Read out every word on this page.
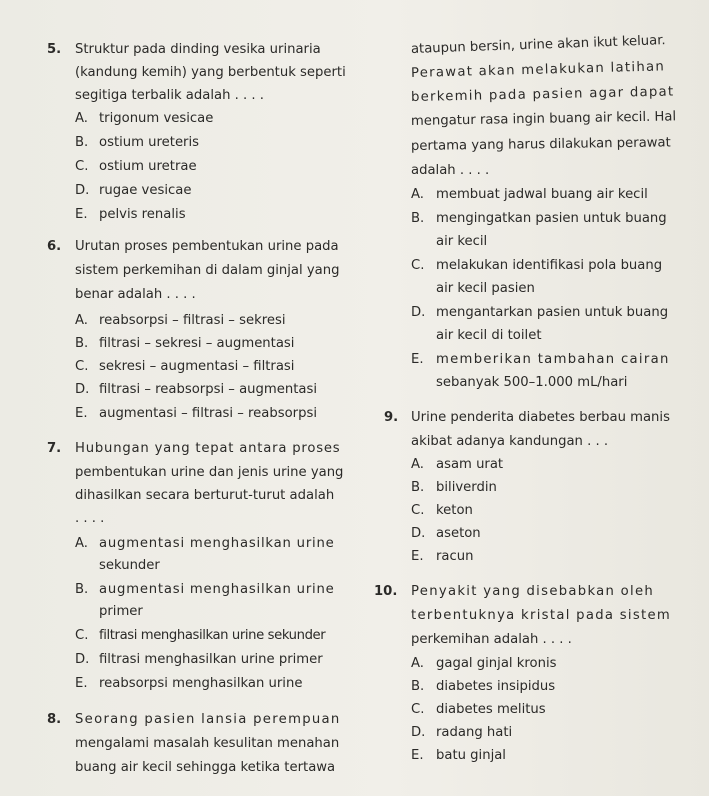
5. Struktur pada dinding vesika urinaria
(kandung kemih) yang berbentuk seperti
segitiga terbalik adalah . . . .
A. trigonum vesicae
B. ostium ureteris
C. ostium uretrae
D. rugae vesicae
E. pelvis renalis
6. Urutan proses pembentukan urine pada
sistem perkemihan di dalam ginjal yang
benar adalah . . . .
A. reabsorpsi – filtrasi – sekresi
B. filtrasi – sekresi – augmentasi
C. sekresi – augmentasi – filtrasi
D. filtrasi – reabsorpsi – augmentasi
E. augmentasi – filtrasi – reabsorpsi
7. Hubungan yang tepat antara proses
pembentukan urine dan jenis urine yang
dihasilkan secara berturut-turut adalah
. . . .
A. augmentasi menghasilkan urine
sekunder
B. augmentasi menghasilkan urine
primer
C. filtrasi menghasilkan urine sekunder
D. filtrasi menghasilkan urine primer
E. reabsorpsi menghasilkan urine
8. Seorang pasien lansia perempuan
mengalami masalah kesulitan menahan
buang air kecil sehingga ketika tertawa
ataupun bersin, urine akan ikut keluar.
Perawat akan melakukan latihan
berkemih pada pasien agar dapat
mengatur rasa ingin buang air kecil. Hal
pertama yang harus dilakukan perawat
adalah . . . .
A. membuat jadwal buang air kecil
B. mengingatkan pasien untuk buang
air kecil
C. melakukan identifikasi pola buang
air kecil pasien
D. mengantarkan pasien untuk buang
air kecil di toilet
E. memberikan tambahan cairan
sebanyak 500–1.000 mL/hari
9. Urine penderita diabetes berbau manis
akibat adanya kandungan . . .
A. asam urat
B. biliverdin
C. keton
D. aseton
E. racun
10. Penyakit yang disebabkan oleh
terbentuknya kristal pada sistem
perkemihan adalah . . . .
A. gagal ginjal kronis
B. diabetes insipidus
C. diabetes melitus
D. radang hati
E. batu ginjal
